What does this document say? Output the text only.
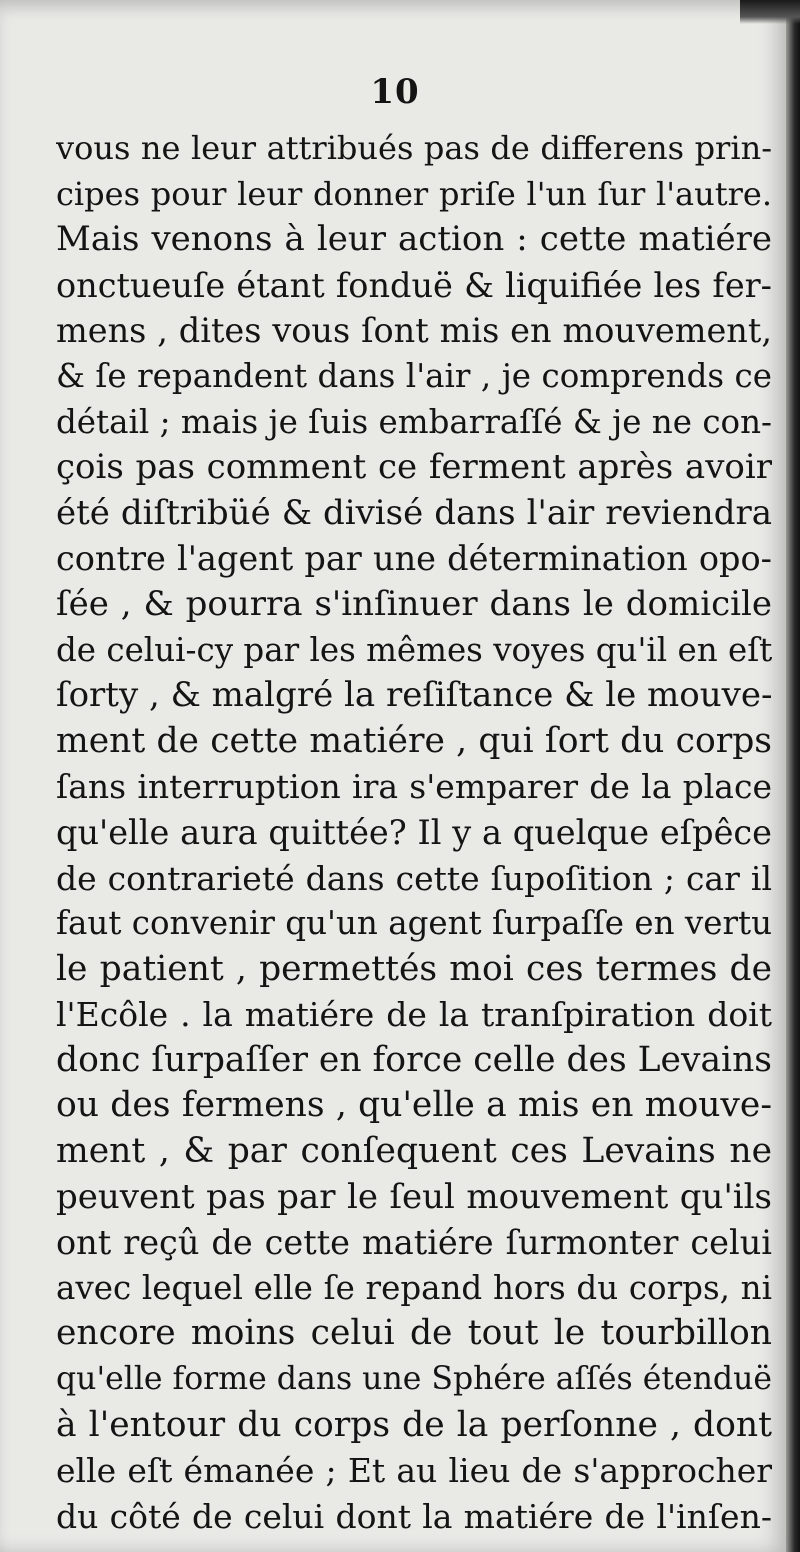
10
vous ne leur attribués pas de differens prin-
cipes pour leur donner priſe l'un ſur l'autre.
Mais venons à leur action : cette matiére
onctueuſe étant fonduë & liquifiée les fer-
mens , dites vous ſont mis en mouvement,
& ſe repandent dans l'air , je comprends ce
détail ; mais je ſuis embarraſſé & je ne con-
çois pas comment ce ferment après avoir
été diſtribüé & divisé dans l'air reviendra
contre l'agent par une détermination opo-
ſée , & pourra s'inſinuer dans le domicile
de celui-cy par les mêmes voyes qu'il en eſt
ſorty , & malgré la reſiſtance & le mouve-
ment de cette matiére , qui ſort du corps
ſans interruption ira s'emparer de la place
qu'elle aura quittée? Il y a quelque eſpêce
de contrarieté dans cette ſupoſition ; car il
faut convenir qu'un agent ſurpaſſe en vertu
le patient , permettés moi ces termes de
l'Ecôle . la matiére de la tranſpiration doit
donc ſurpaſſer en force celle des Levains
ou des fermens , qu'elle a mis en mouve-
ment , & par conſequent ces Levains ne
peuvent pas par le ſeul mouvement qu'ils
ont reçû de cette matiére ſurmonter celui
avec lequel elle ſe repand hors du corps, ni
encore moins celui de tout le tourbillon
qu'elle forme dans une Sphére aſſés étenduë
à l'entour du corps de la perſonne , dont
elle eſt émanée ; Et au lieu de s'approcher
du côté de celui dont la matiére de l'inſen-
